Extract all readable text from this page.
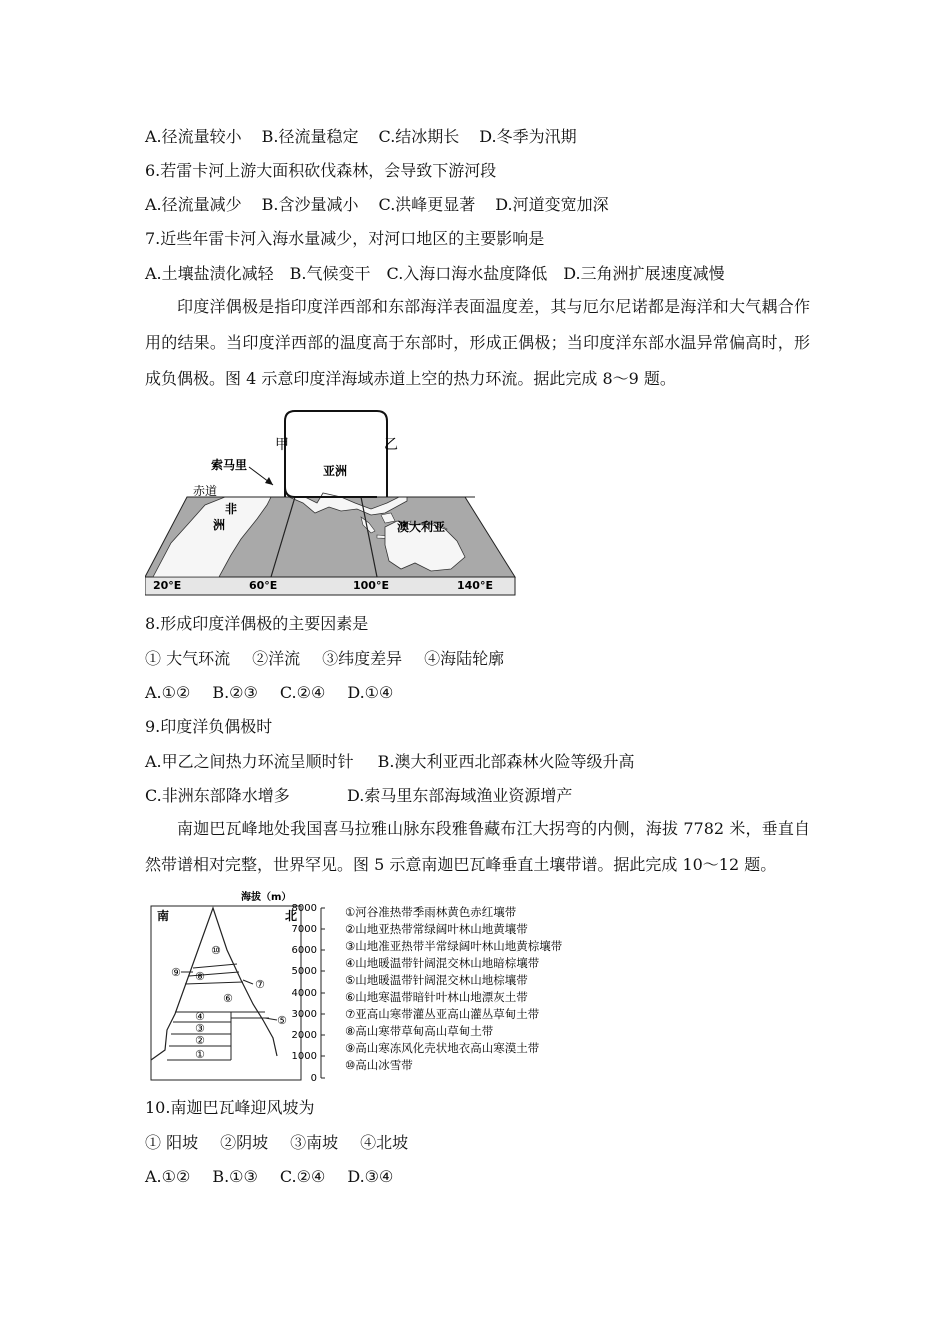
A.径流量较小 B.径流量稳定 C.结冰期长 D.冬季为汛期
6.若雷卡河上游大面积砍伐森林，会导致下游河段
A.径流量减少 B.含沙量减小 C.洪峰更显著 D.河道变宽加深
7.近些年雷卡河入海水量减少，对河口地区的主要影响是
A.土壤盐渍化减轻 B.气候变干 C.入海口海水盐度降低 D.三角洲扩展速度减慢
印度洋偶极是指印度洋西部和东部海洋表面温度差，其与厄尔尼诺都是海洋和大气耦合作用的结果。当印度洋西部的温度高于东部时，形成正偶极；当印度洋东部水温异常偏高时，形成负偶极。图 4 示意印度洋海域赤道上空的热力环流。据此完成 8～9 题。
甲	乙
索马里
赤道
非
洲
亚洲
澳大利亚
20°E	60°E	100°E	140°E
8.形成印度洋偶极的主要因素是
① 大气环流 ②洋流 ③纬度差异 ④海陆轮廓
A.①② B.②③ C.②④ D.①④
9.印度洋负偶极时
A.甲乙之间热力环流呈顺时针 B.澳大利亚西北部森林火险等级升高
C.非洲东部降水增多	D.索马里东部海域渔业资源增产
南迦巴瓦峰地处我国喜马拉雅山脉东段雅鲁藏布江大拐弯的内侧，海拔 7782 米，垂直自然带谱相对完整，世界罕见。图 5 示意南迦巴瓦峰垂直土壤带谱。据此完成 10～12 题。
海拔（m）
南	北
①
②
③
④	⑤
⑥
⑦
⑧
⑨
⑩
8000
7000
6000
5000
4000
3000
2000
1000
0
①河谷准热带季雨林黄色赤红壤带
②山地亚热带常绿阔叶林山地黄壤带
③山地准亚热带半常绿阔叶林山地黄棕壤带
④山地暖温带针阔混交林山地暗棕壤带
⑤山地暖温带针阔混交林山地棕壤带
⑥山地寒温带暗针叶林山地漂灰土带
⑦亚高山寒带灌丛亚高山灌丛草甸土带
⑧高山寒带草甸高山草甸土带
⑨高山寒冻风化壳状地衣高山寒漠土带
⑩高山冰雪带
10.南迦巴瓦峰迎风坡为
① 阳坡 ②阴坡 ③南坡 ④北坡
A.①② B.①③ C.②④ D.③④
